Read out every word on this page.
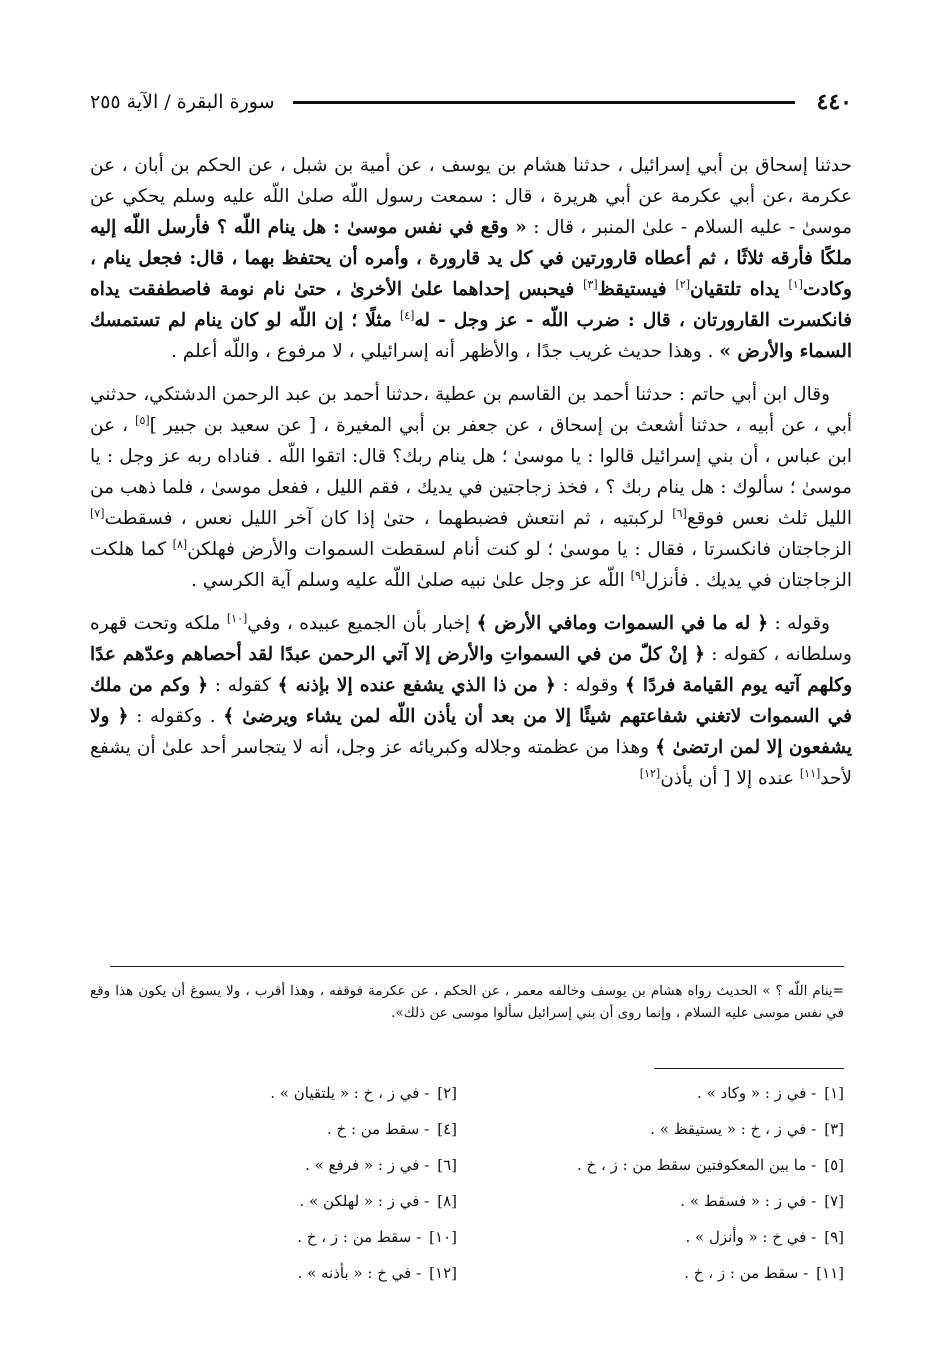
٤٤٠
سورة البقرة / الآية ٢٥٥

حدثنا إسحاق بن أبي إسرائيل ، حدثنا هشام بن يوسف ، عن أمية بن شبل ، عن الحكم بن أبان ، عن عكرمة ،عن أبي عكرمة عن أبي هريرة ، قال : سمعت رسول اللّه صلىٰ اللّه عليه وسلم يحكي عن موسىٰ - عليه السلام - علىٰ المنبر ، قال : « وقع في نفس موسىٰ : هل ينام اللّه ؟ فأرسل اللّه إليه ملكًا فأرقه ثلاثًا ، ثم أعطاه قارورتين في كل يد قارورة ، وأمره أن يحتفظ بهما ، قال: فجعل ينام ، وكادت[١] يداه تلتقيان[٢] فيستيقظ[٣] فيحبس إحداهما علىٰ الأخرىٰ ، حتىٰ نام نومة فاصطفقت يداه فانكسرت القارورتان ، قال : ضرب اللّه - عز وجل - له[٤] مثلًا ؛ إن اللّه لو كان ينام لم تستمسك السماء والأرض » . وهذا حديث غريب جدًا ، والأظهر أنه إسرائيلي ، لا مرفوع ، واللّه أعلم .

وقال ابن أبي حاتم : حدثنا أحمد بن القاسم بن عطية ،حدثنا أحمد بن عبد الرحمن الدشتكي، حدثني أبي ، عن أبيه ، حدثنا أشعث بن إسحاق ، عن جعفر بن أبي المغيرة ، [ عن سعيد بن جبير ][٥] ، عن ابن عباس ، أن بني إسرائيل قالوا : يا موسىٰ ؛ هل ينام ربك؟ قال: اتقوا اللّه . فناداه ربه عز وجل : يا موسىٰ ؛ سألوك : هل ينام ربك ؟ ، فخذ زجاجتين في يديك ، فقم الليل ، ففعل موسىٰ ، فلما ذهب من الليل ثلث نعس فوقع[٦] لركبتيه ، ثم انتعش فضبطهما ، حتىٰ إذا كان آخر الليل نعس ، فسقطت[٧] الزجاجتان فانكسرتا ، فقال : يا موسىٰ ؛ لو كنت أنام لسقطت السموات والأرض فهلكن[٨] كما هلكت الزجاجتان في يديك . فأنزل[٩] اللّه عز وجل علىٰ نبيه صلىٰ اللّه عليه وسلم آية الكرسي .

وقوله : ﴿ له ما في السموات ومافي الأرض ﴾ إخبار بأن الجميع عبيده ، وفي[١٠] ملكه وتحت قهره وسلطانه ، كقوله : ﴿ إنْ كلّ من في السمواتِ والأرض إلا آتي الرحمن عبدًا لقد أحصاهم وعدّهم عدًا وكلهم آتيه يوم القيامة فردًا ﴾ وقوله : ﴿ من ذا الذي يشفع عنده إلا بإذنه ﴾ كقوله : ﴿ وكم من ملك في السموات لاتغني شفاعتهم شيئًا إلا من بعد أن يأذن اللّه لمن يشاء ويرضىٰ ﴾ . وكقوله : ﴿ ولا يشفعون إلا لمن ارتضىٰ ﴾ وهذا من عظمته وجلاله وكبريائه عز وجل، أنه لا يتجاسر أحد علىٰ أن يشفع لأحد[١١] عنده إلا [ أن يأذن[١٢]

=ينام اللّه ؟ » الحديث رواه هشام بن يوسف وخالفه معمر ، عن الحكم ، عن عكرمة فوقفه ، وهذا أقرب ، ولا يسوغ أن يكون هذا وقع في نفس موسى عليه السلام ، وإنما روى أن بني إسرائيل سألوا موسى عن ذلك».
[١]- في ز : « وكاد » .
[٢]- في ز ، خ : « يلتقيان » .
[٣]- في ز ، خ : « يستيقظ » .
[٤]- سقط من : خ .
[٥]- ما بين المعكوفتين سقط من : ز ، خ .
[٦]- في ز : « فرفع » .
[٧]- في ز : « فسقط » .
[٨]- في ز : « لهلكن » .
[٩]- في خ : « وأنزل » .
[١٠]- سقط من : ز ، خ .
[١١]- سقط من : ز ، خ .
[١٢]- في خ : « بأذنه » .
